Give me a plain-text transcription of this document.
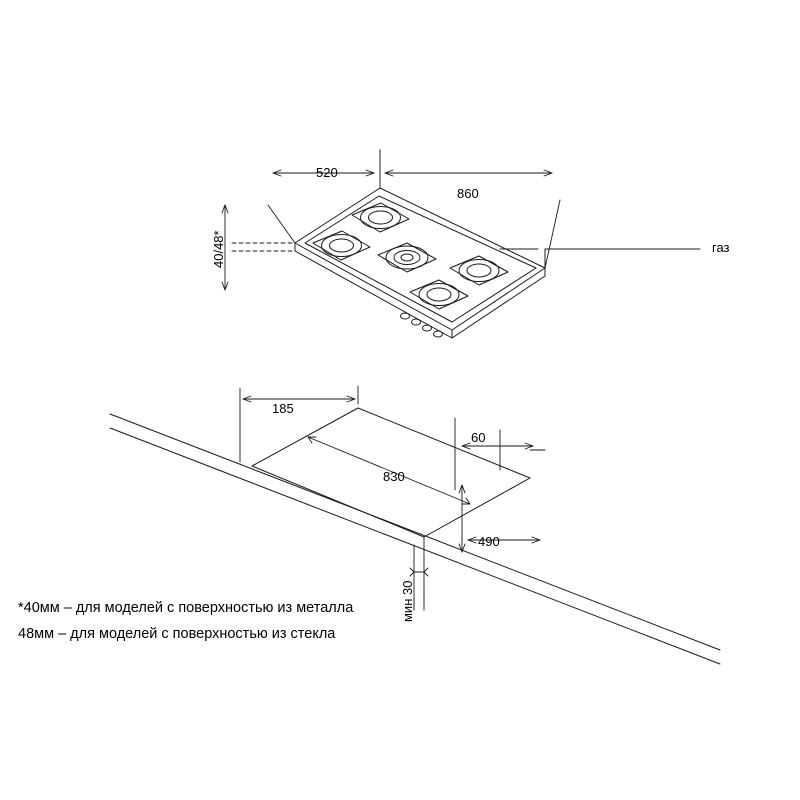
520
860
40/48*	газ
185
60
830
490
мин 30
*40мм – для моделей с поверхностью из металла
48мм – для моделей с поверхностью из стекла
